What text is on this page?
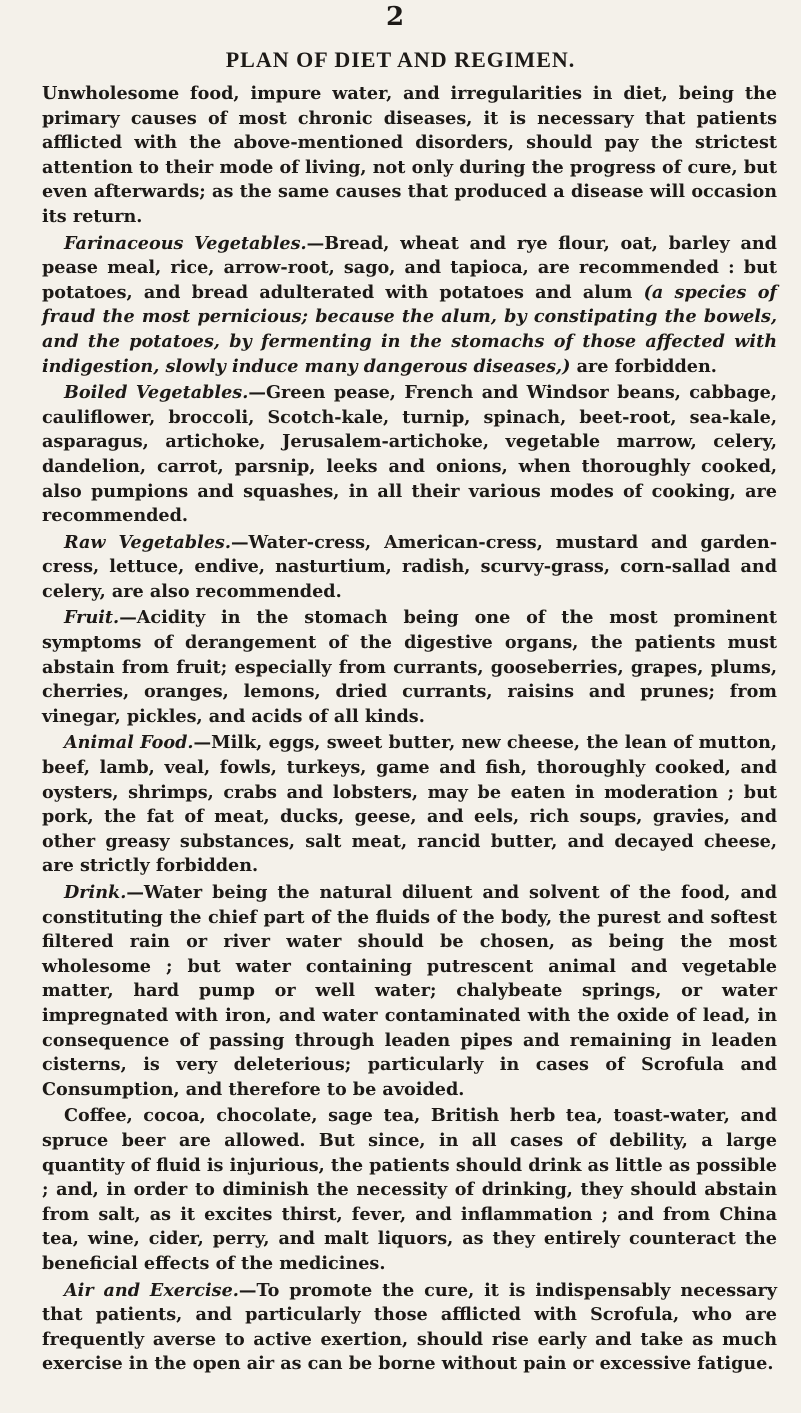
2
PLAN OF DIET AND REGIMEN.

Unwholesome food, impure water, and irregularities in diet, being the primary causes of most chronic diseases, it is necessary that patients afflicted with the above-mentioned disorders, should pay the strictest attention to their mode of living, not only during the progress of cure, but even afterwards; as the same causes that produced a disease will occasion its return.

Farinaceous Vegetables.—Bread, wheat and rye flour, oat, barley and pease meal, rice, arrow-root, sago, and tapioca, are recommended : but potatoes, and bread adulterated with potatoes and alum (a species of fraud the most pernicious; because the alum, by constipating the bowels, and the potatoes, by fermenting in the stomachs of those affected with indigestion, slowly induce many dangerous diseases,) are forbidden.

Boiled Vegetables.—Green pease, French and Windsor beans, cabbage, cauliflower, broccoli, Scotch-kale, turnip, spinach, beet-root, sea-kale, asparagus, artichoke, Jerusalem-artichoke, vegetable marrow, celery, dandelion, carrot, parsnip, leeks and onions, when thoroughly cooked, also pumpions and squashes, in all their various modes of cooking, are recommended.

Raw Vegetables.—Water-cress, American-cress, mustard and garden-cress, lettuce, endive, nasturtium, radish, scurvy-grass, corn-sallad and celery, are also recommended.

Fruit.—Acidity in the stomach being one of the most prominent symptoms of derangement of the digestive organs, the patients must abstain from fruit; especially from currants, gooseberries, grapes, plums, cherries, oranges, lemons, dried currants, raisins and prunes; from vinegar, pickles, and acids of all kinds.

Animal Food.—Milk, eggs, sweet butter, new cheese, the lean of mutton, beef, lamb, veal, fowls, turkeys, game and fish, thoroughly cooked, and oysters, shrimps, crabs and lobsters, may be eaten in moderation ; but pork, the fat of meat, ducks, geese, and eels, rich soups, gravies, and other greasy substances, salt meat, rancid butter, and decayed cheese, are strictly forbidden.

Drink.—Water being the natural diluent and solvent of the food, and constituting the chief part of the fluids of the body, the purest and softest filtered rain or river water should be chosen, as being the most wholesome ; but water containing putrescent animal and vegetable matter, hard pump or well water; chalybeate springs, or water impregnated with iron, and water contaminated with the oxide of lead, in consequence of passing through leaden pipes and remaining in leaden cisterns, is very deleterious; particularly in cases of Scrofula and Consumption, and therefore to be avoided.

Coffee, cocoa, chocolate, sage tea, British herb tea, toast-water, and spruce beer are allowed. But since, in all cases of debility, a large quantity of fluid is injurious, the patients should drink as little as possible ; and, in order to diminish the necessity of drinking, they should abstain from salt, as it excites thirst, fever, and inflammation ; and from China tea, wine, cider, perry, and malt liquors, as they entirely counteract the beneficial effects of the medicines.

Air and Exercise.—To promote the cure, it is indispensably necessary that patients, and particularly those afflicted with Scrofula, who are frequently averse to active exertion, should rise early and take as much exercise in the open air as can be borne without pain or excessive fatigue.
